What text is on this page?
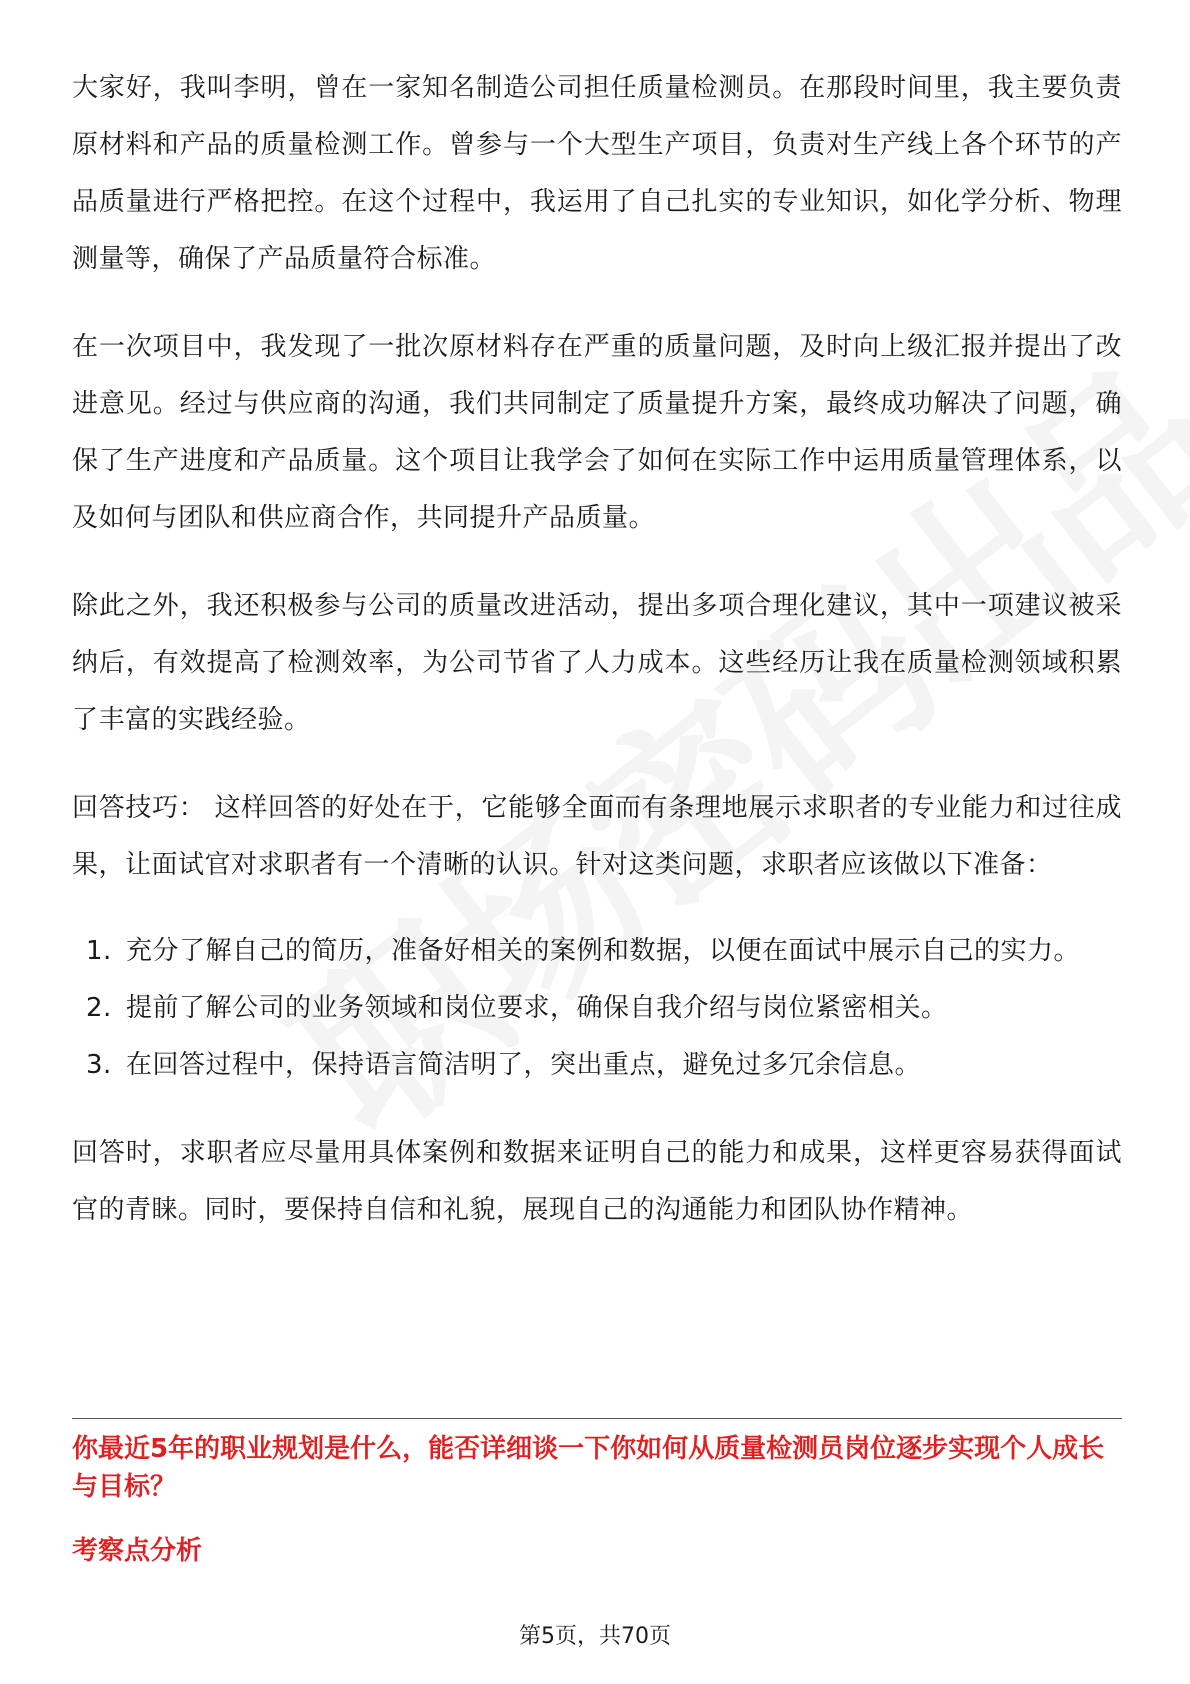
大家好，我叫李明，曾在一家知名制造公司担任质量检测员。在那段时间里，我主要负责原材料和产品的质量检测工作。曾参与一个大型生产项目，负责对生产线上各个环节的产品质量进行严格把控。在这个过程中，我运用了自己扎实的专业知识，如化学分析、物理测量等，确保了产品质量符合标准。

在一次项目中，我发现了一批次原材料存在严重的质量问题，及时向上级汇报并提出了改进意见。经过与供应商的沟通，我们共同制定了质量提升方案，最终成功解决了问题，确保了生产进度和产品质量。这个项目让我学会了如何在实际工作中运用质量管理体系，以及如何与团队和供应商合作，共同提升产品质量。

除此之外，我还积极参与公司的质量改进活动，提出多项合理化建议，其中一项建议被采纳后，有效提高了检测效率，为公司节省了人力成本。这些经历让我在质量检测领域积累了丰富的实践经验。

回答技巧： 这样回答的好处在于，它能够全面而有条理地展示求职者的专业能力和过往成果，让面试官对求职者有一个清晰的认识。针对这类问题，求职者应该做以下准备：

1. 充分了解自己的简历，准备好相关的案例和数据，以便在面试中展示自己的实力。
2. 提前了解公司的业务领域和岗位要求，确保自我介绍与岗位紧密相关。
3. 在回答过程中，保持语言简洁明了，突出重点，避免过多冗余信息。

回答时，求职者应尽量用具体案例和数据来证明自己的能力和成果，这样更容易获得面试官的青睐。同时，要保持自信和礼貌，展现自己的沟通能力和团队协作精神。

你最近5年的职业规划是什么，能否详细谈一下你如何从质量检测员岗位逐步实现个人成长与目标？
考察点分析
第5页，共70页
